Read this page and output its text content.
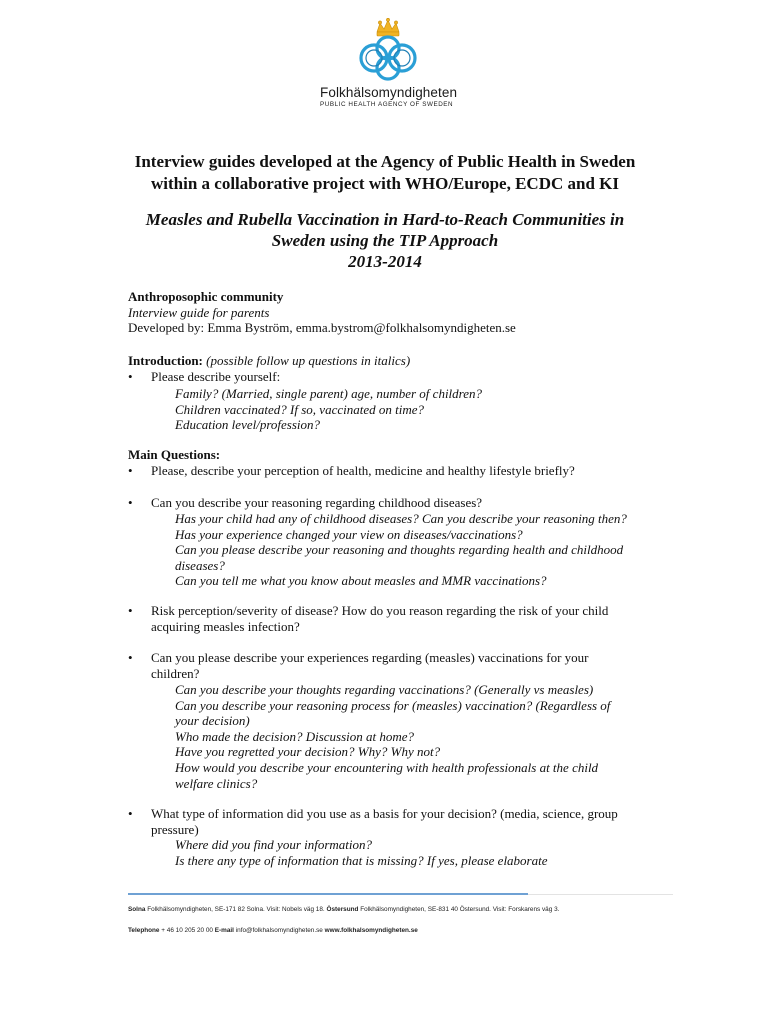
Folkhälsomyndigheten
PUBLIC HEALTH AGENCY OF SWEDEN
Interview guides developed at the Agency of Public Health in Sweden
within a collaborative project with WHO/Europe, ECDC and KI
Measles and Rubella Vaccination in Hard-to-Reach Communities in
Sweden using the TIP Approach
2013-2014
Anthroposophic community
Interview guide for parents
Developed by: Emma Byström, emma.bystrom@folkhalsomyndigheten.se
Introduction: (possible follow up questions in italics)
• Please describe yourself:
Family? (Married, single parent) age, number of children?
Children vaccinated? If so, vaccinated on time?
Education level/profession?
Main Questions:
• Please, describe your perception of health, medicine and healthy lifestyle briefly?
• Can you describe your reasoning regarding childhood diseases?
Has your child had any of childhood diseases? Can you describe your reasoning then?
Has your experience changed your view on diseases/vaccinations?
Can you please describe your reasoning and thoughts regarding health and childhood
diseases?
Can you tell me what you know about measles and MMR vaccinations?
• Risk perception/severity of disease? How do you reason regarding the risk of your child
acquiring measles infection?
• Can you please describe your experiences regarding (measles) vaccinations for your
children?
Can you describe your thoughts regarding vaccinations? (Generally vs measles)
Can you describe your reasoning process for (measles) vaccination? (Regardless of
your decision)
Who made the decision? Discussion at home?
Have you regretted your decision? Why? Why not?
How would you describe your encountering with health professionals at the child
welfare clinics?
• What type of information did you use as a basis for your decision? (media, science, group
pressure)
Where did you find your information?
Is there any type of information that is missing? If yes, please elaborate
Solna Folkhälsomyndigheten, SE-171 82 Solna. Visit: Nobels väg 18. Östersund Folkhälsomyndigheten, SE-831 40 Östersund. Visit: Forskarens väg 3.
Telephone + 46 10 205 20 00 E-mail info@folkhalsomyndigheten.se www.folkhalsomyndigheten.se
